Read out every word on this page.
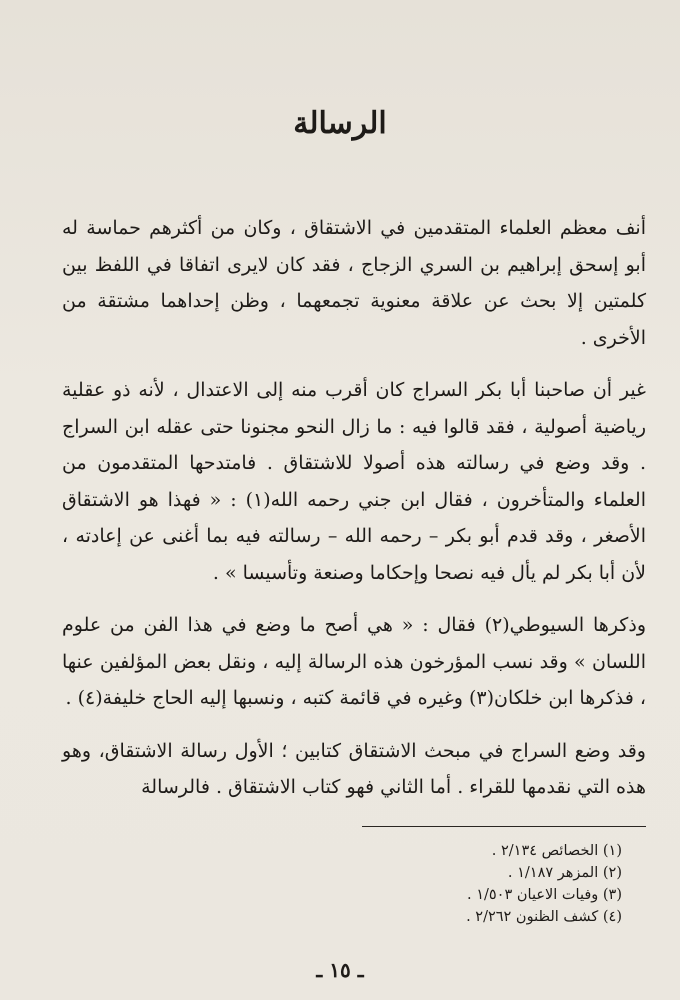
الرسالة

أنف معظم العلماء المتقدمين في الاشتقاق ، وكان من أكثرهم حماسة له أبو إسحق إبراهيم بن السري الزجاج ، فقد كان لايرى اتفاقا في اللفظ بين كلمتين إلا بحث عن علاقة معنوية تجمعهما ، وظن إحداهما مشتقة من الأخرى .

غير أن صاحبنا أبا بكر السراج كان أقرب منه إلى الاعتدال ، لأنه ذو عقلية رياضية أصولية ، فقد قالوا فيه : ما زال النحو مجنونا حتى عقله ابن السراج . وقد وضع في رسالته هذه أصولا للاشتقاق . فامتدحها المتقدمون من العلماء والمتأخرون ، فقال ابن جني رحمه الله(١) : « فهذا هو الاشتقاق الأصغر ، وقد قدم أبو بكر – رحمه الله – رسالته فيه بما أغنى عن إعادته ، لأن أبا بكر لم يأل فيه نصحا وإحكاما وصنعة وتأسيسا » .

وذكرها السيوطي(٢) فقال : « هي أصح ما وضع في هذا الفن من علوم اللسان » وقد نسب المؤرخون هذه الرسالة إليه ، ونقل بعض المؤلفين عنها ، فذكرها ابن خلكان(٣) وغيره في قائمة كتبه ، ونسبها إليه الحاج خليفة(٤) .

وقد وضع السراج في مبحث الاشتقاق كتابين ؛ الأول رسالة الاشتقاق، وهو هذه التي نقدمها للقراء . أما الثاني فهو كتاب الاشتقاق . فالرسالة

(١) الخصائص ٢/١٣٤ .
(٢) المزهر ١/١٨٧ .
(٣) وفيات الاعيان ١/٥٠٣ .
(٤) كشف الظنون ٢/٢٦٢ .
ـ ١٥ ـ
